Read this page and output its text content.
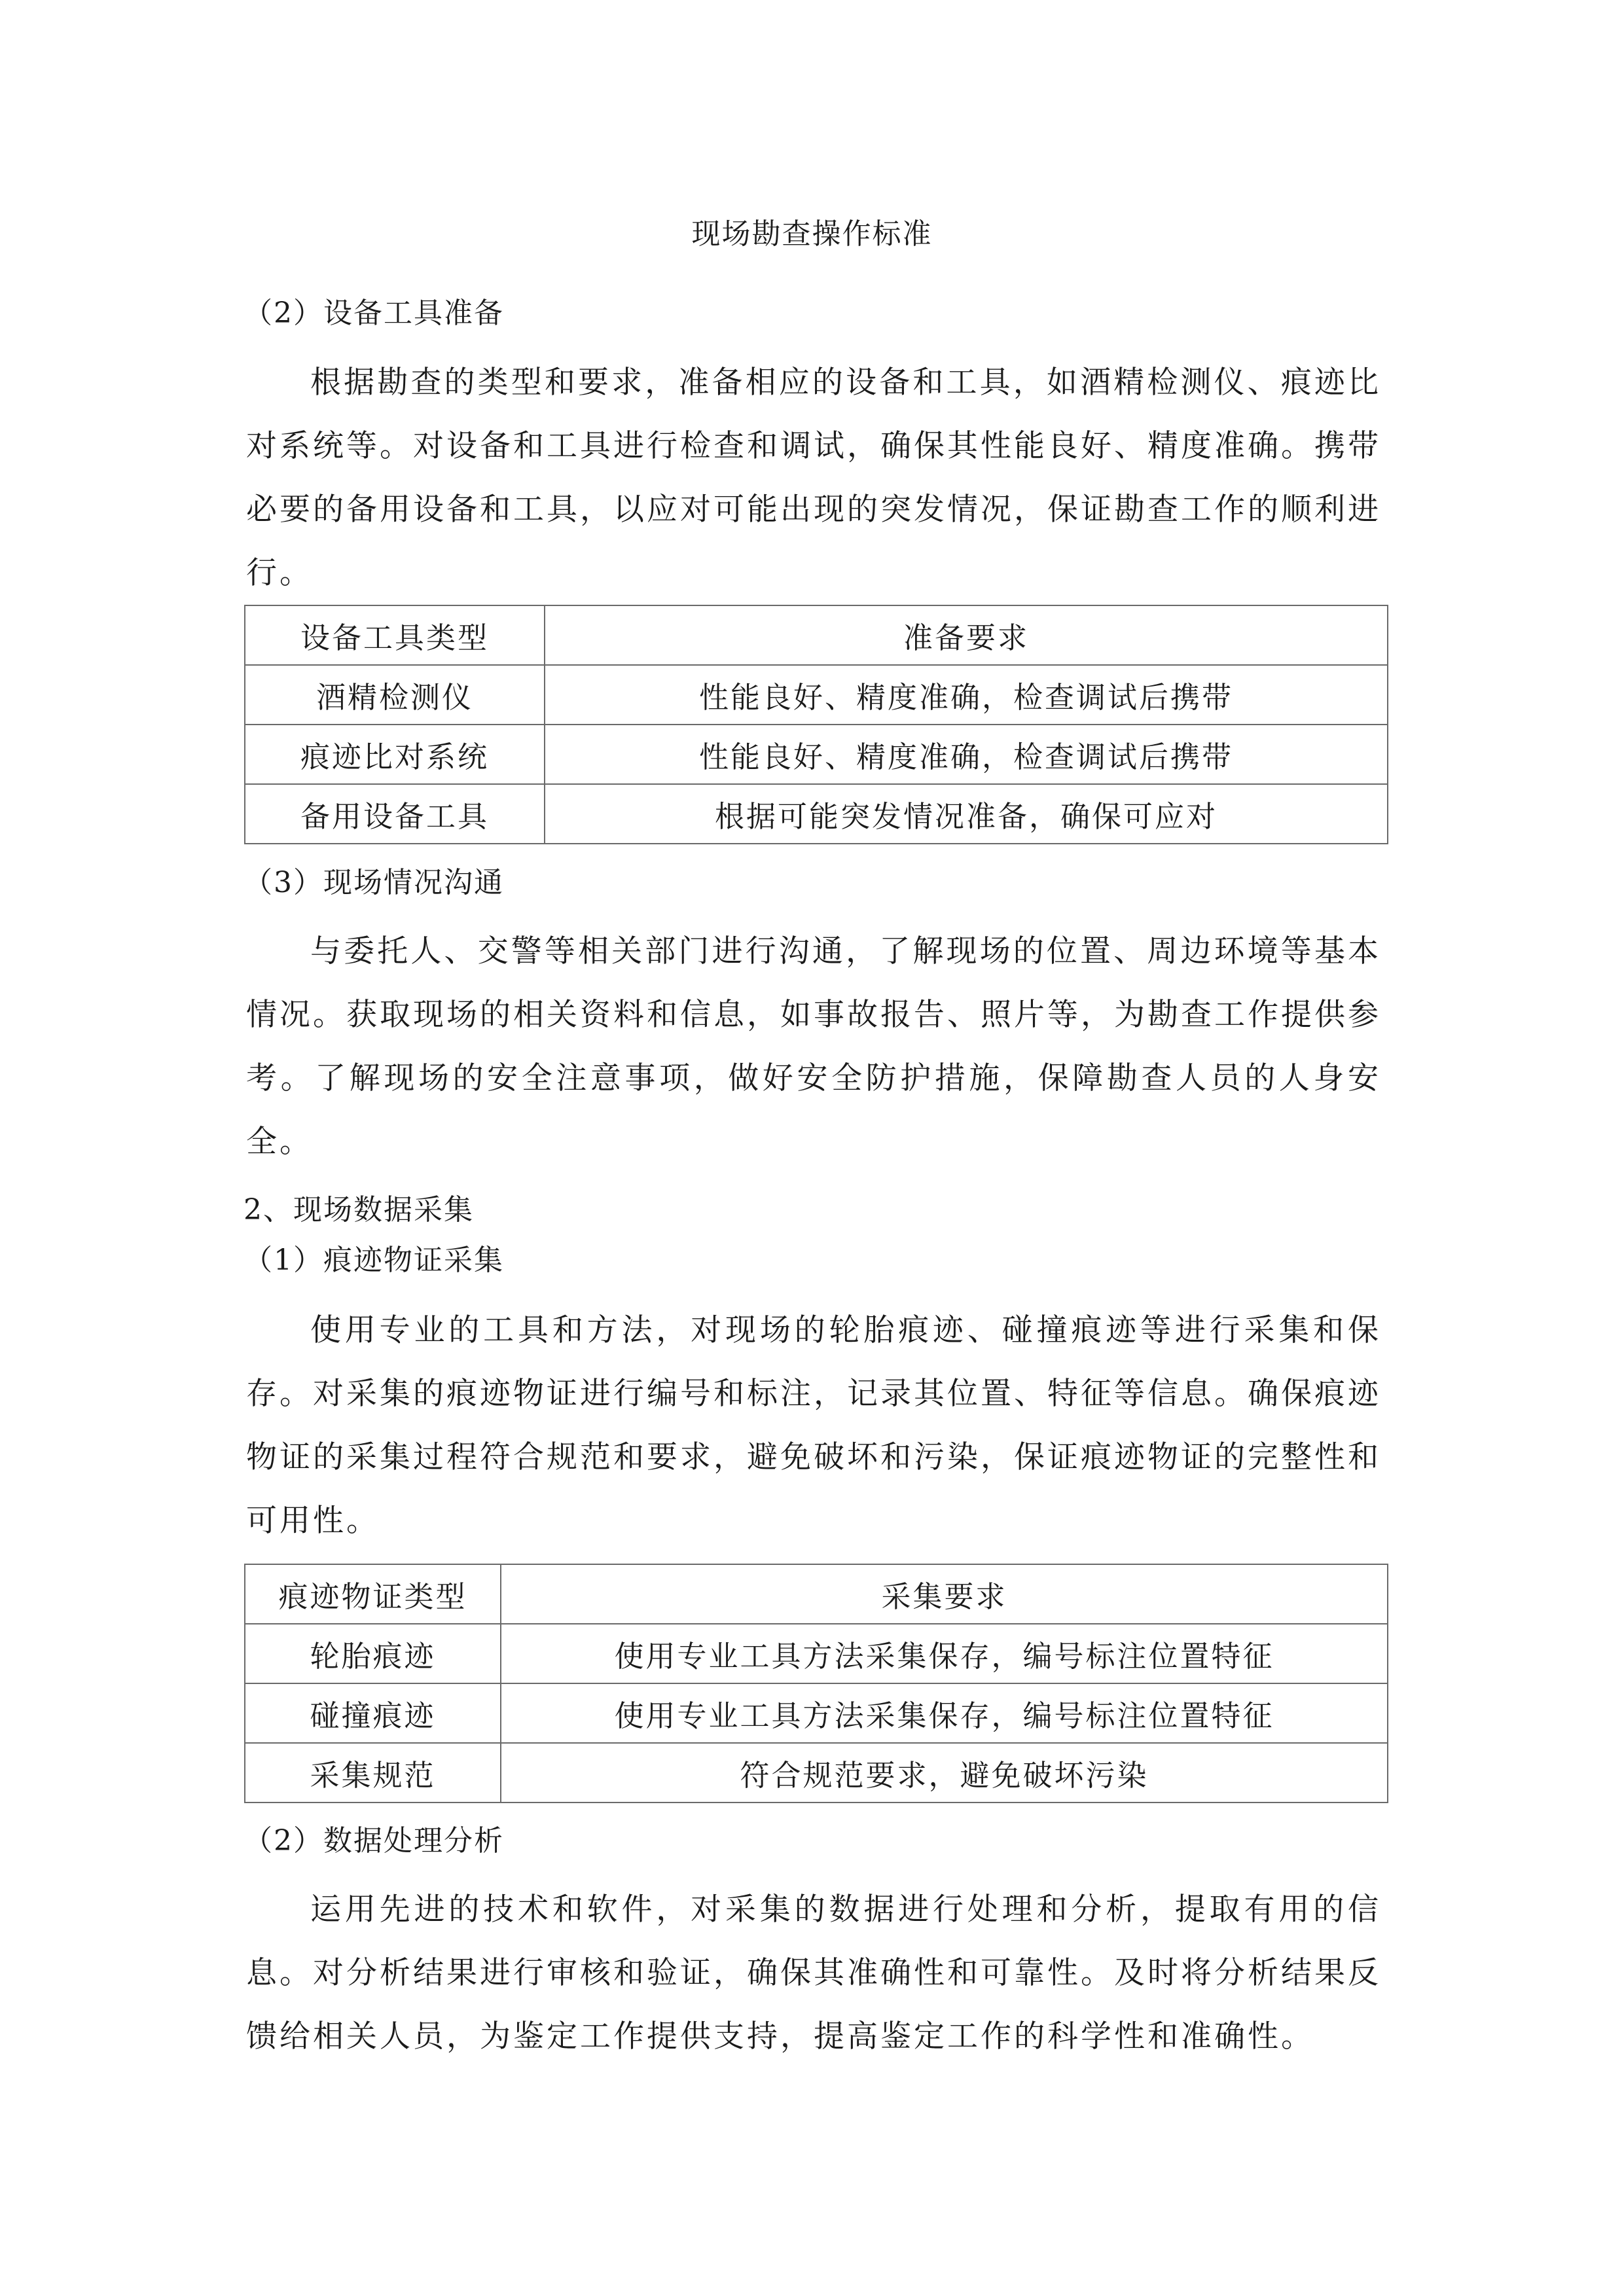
现场勘查操作标准
（2）设备工具准备

根据勘查的类型和要求，准备相应的设备和工具，如酒精检测仪、痕迹比对系统等。对设备和工具进行检查和调试，确保其性能良好、精度准确。携带必要的备用设备和工具，以应对可能出现的突发情况，保证勘查工作的顺利进行。

设备工具类型	准备要求
酒精检测仪	性能良好、精度准确，检查调试后携带
痕迹比对系统	性能良好、精度准确，检查调试后携带
备用设备工具	根据可能突发情况准备，确保可应对
（3）现场情况沟通

与委托人、交警等相关部门进行沟通，了解现场的位置、周边环境等基本情况。获取现场的相关资料和信息，如事故报告、照片等，为勘查工作提供参考。了解现场的安全注意事项，做好安全防护措施，保障勘查人员的人身安全。

2、现场数据采集
（1）痕迹物证采集

使用专业的工具和方法，对现场的轮胎痕迹、碰撞痕迹等进行采集和保存。对采集的痕迹物证进行编号和标注，记录其位置、特征等信息。确保痕迹物证的采集过程符合规范和要求，避免破坏和污染，保证痕迹物证的完整性和可用性。

痕迹物证类型	采集要求
轮胎痕迹	使用专业工具方法采集保存，编号标注位置特征
碰撞痕迹	使用专业工具方法采集保存，编号标注位置特征
采集规范	符合规范要求，避免破坏污染
（2）数据处理分析

运用先进的技术和软件，对采集的数据进行处理和分析，提取有用的信息。对分析结果进行审核和验证，确保其准确性和可靠性。及时将分析结果反馈给相关人员，为鉴定工作提供支持，提高鉴定工作的科学性和准确性。
